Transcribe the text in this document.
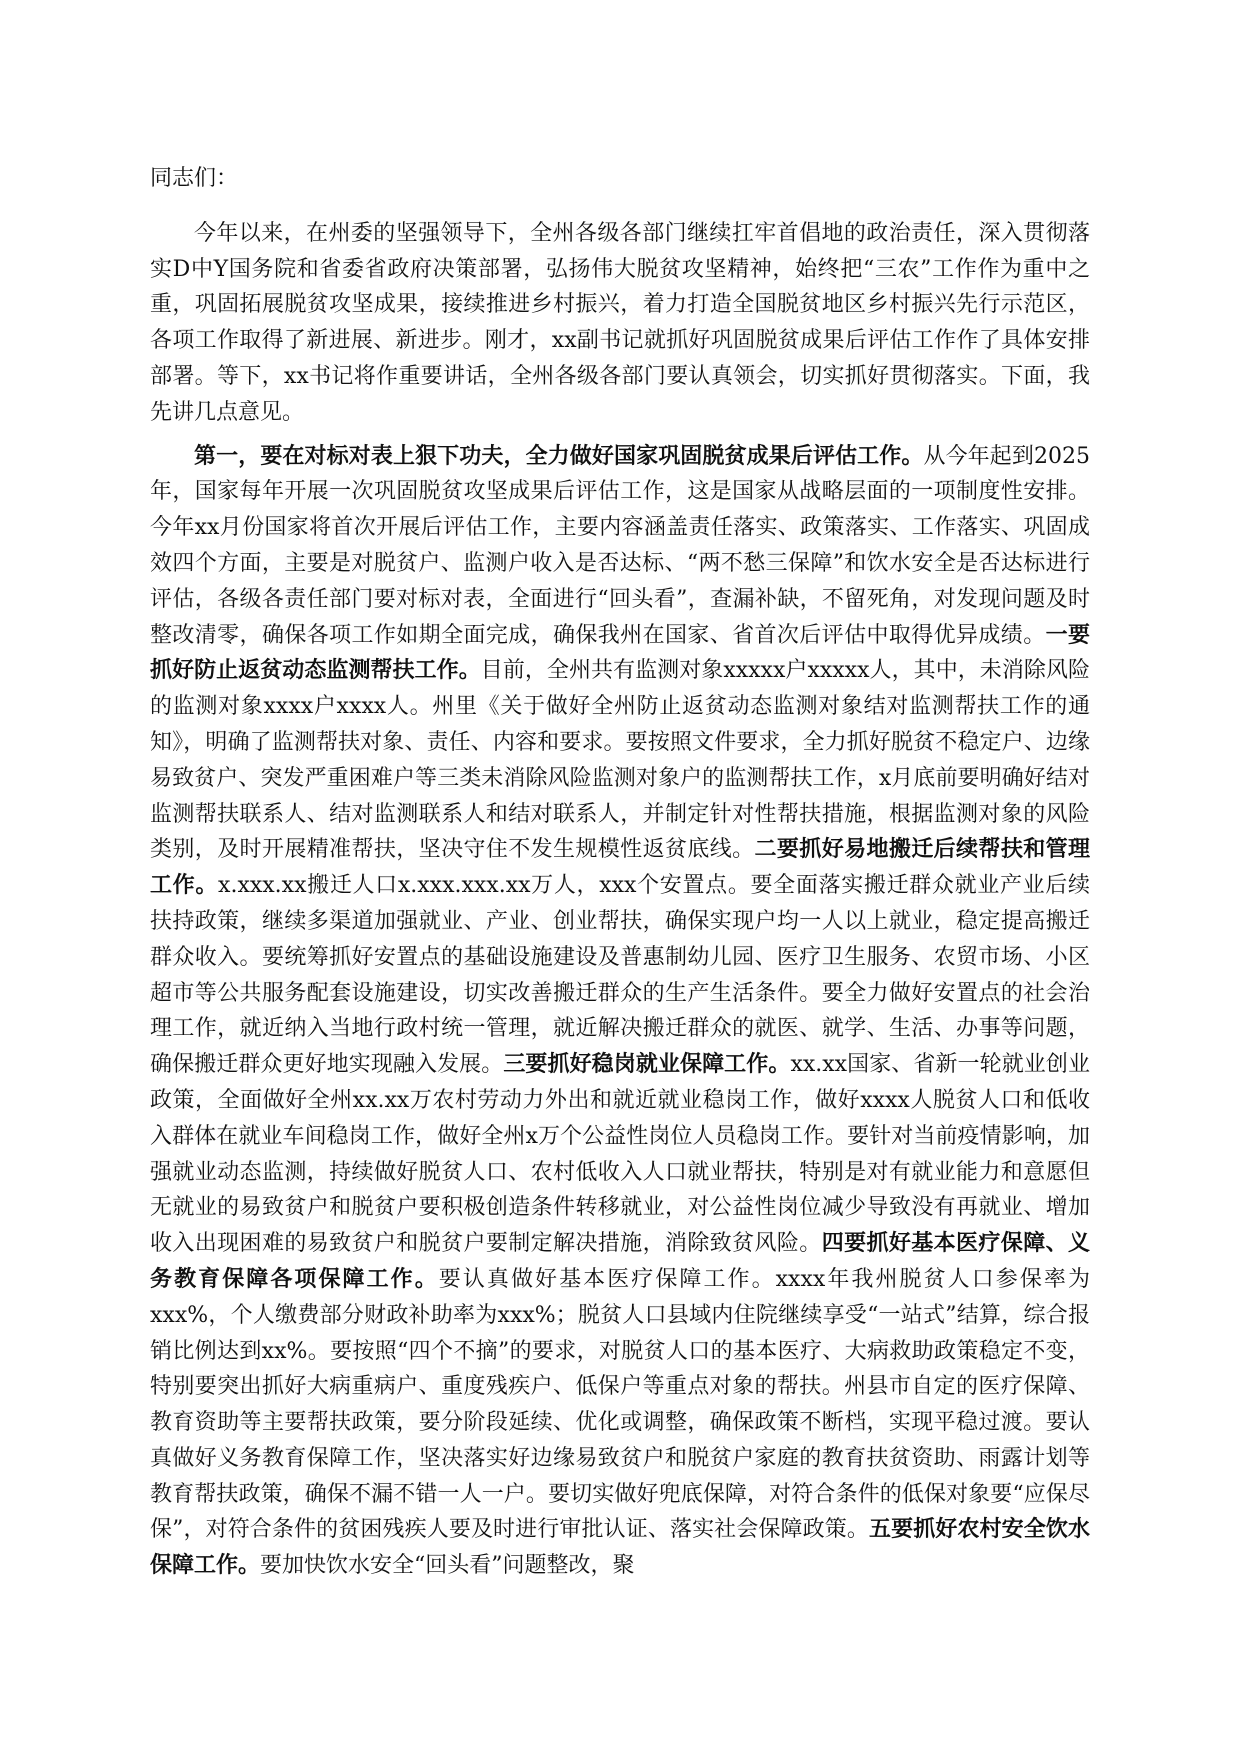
同志们：

今年以来，在州委的坚强领导下，全州各级各部门继续扛牢首倡地的政治责任，深入贯彻落实D中Y国务院和省委省政府决策部署，弘扬伟大脱贫攻坚精神，始终把“三农”工作作为重中之重，巩固拓展脱贫攻坚成果，接续推进乡村振兴，着力打造全国脱贫地区乡村振兴先行示范区，各项工作取得了新进展、新进步。刚才，xx副书记就抓好巩固脱贫成果后评估工作作了具体安排部署。等下，xx书记将作重要讲话，全州各级各部门要认真领会，切实抓好贯彻落实。下面，我先讲几点意见。

第一，要在对标对表上狠下功夫，全力做好国家巩固脱贫成果后评估工作。从今年起到2025年，国家每年开展一次巩固脱贫攻坚成果后评估工作，这是国家从战略层面的一项制度性安排。今年xx月份国家将首次开展后评估工作，主要内容涵盖责任落实、政策落实、工作落实、巩固成效四个方面，主要是对脱贫户、监测户收入是否达标、“两不愁三保障”和饮水安全是否达标进行评估，各级各责任部门要对标对表，全面进行“回头看”，查漏补缺，不留死角，对发现问题及时整改清零，确保各项工作如期全面完成，确保我州在国家、省首次后评估中取得优异成绩。一要抓好防止返贫动态监测帮扶工作。目前，全州共有监测对象xxxxx户xxxxx人，其中，未消除风险的监测对象xxxx户xxxx人。州里《关于做好全州防止返贫动态监测对象结对监测帮扶工作的通知》，明确了监测帮扶对象、责任、内容和要求。要按照文件要求，全力抓好脱贫不稳定户、边缘易致贫户、突发严重困难户等三类未消除风险监测对象户的监测帮扶工作，x月底前要明确好结对监测帮扶联系人、结对监测联系人和结对联系人，并制定针对性帮扶措施，根据监测对象的风险类别，及时开展精准帮扶，坚决守住不发生规模性返贫底线。二要抓好易地搬迁后续帮扶和管理工作。x.xxx.xx搬迁人口x.xxx.xxx.xx万人，xxx个安置点。要全面落实搬迁群众就业产业后续扶持政策，继续多渠道加强就业、产业、创业帮扶，确保实现户均一人以上就业，稳定提高搬迁群众收入。要统筹抓好安置点的基础设施建设及普惠制幼儿园、医疗卫生服务、农贸市场、小区超市等公共服务配套设施建设，切实改善搬迁群众的生产生活条件。要全力做好安置点的社会治理工作，就近纳入当地行政村统一管理，就近解决搬迁群众的就医、就学、生活、办事等问题，确保搬迁群众更好地实现融入发展。三要抓好稳岗就业保障工作。xx.xx国家、省新一轮就业创业政策，全面做好全州xx.xx万农村劳动力外出和就近就业稳岗工作，做好xxxx人脱贫人口和低收入群体在就业车间稳岗工作，做好全州x万个公益性岗位人员稳岗工作。要针对当前疫情影响，加强就业动态监测，持续做好脱贫人口、农村低收入人口就业帮扶，特别是对有就业能力和意愿但无就业的易致贫户和脱贫户要积极创造条件转移就业，对公益性岗位减少导致没有再就业、增加收入出现困难的易致贫户和脱贫户要制定解决措施，消除致贫风险。四要抓好基本医疗保障、义务教育保障各项保障工作。要认真做好基本医疗保障工作。xxxx年我州脱贫人口参保率为xxx%，个人缴费部分财政补助率为xxx%；脱贫人口县域内住院继续享受“一站式”结算，综合报销比例达到xx%。要按照“四个不摘”的要求，对脱贫人口的基本医疗、大病救助政策稳定不变，特别要突出抓好大病重病户、重度残疾户、低保户等重点对象的帮扶。州县市自定的医疗保障、教育资助等主要帮扶政策，要分阶段延续、优化或调整，确保政策不断档，实现平稳过渡。要认真做好义务教育保障工作，坚决落实好边缘易致贫户和脱贫户家庭的教育扶贫资助、雨露计划等教育帮扶政策，确保不漏不错一人一户。要切实做好兜底保障，对符合条件的低保对象要“应保尽保”，对符合条件的贫困残疾人要及时进行审批认证、落实社会保障政策。五要抓好农村安全饮水保障工作。要加快饮水安全“回头看”问题整改，聚
